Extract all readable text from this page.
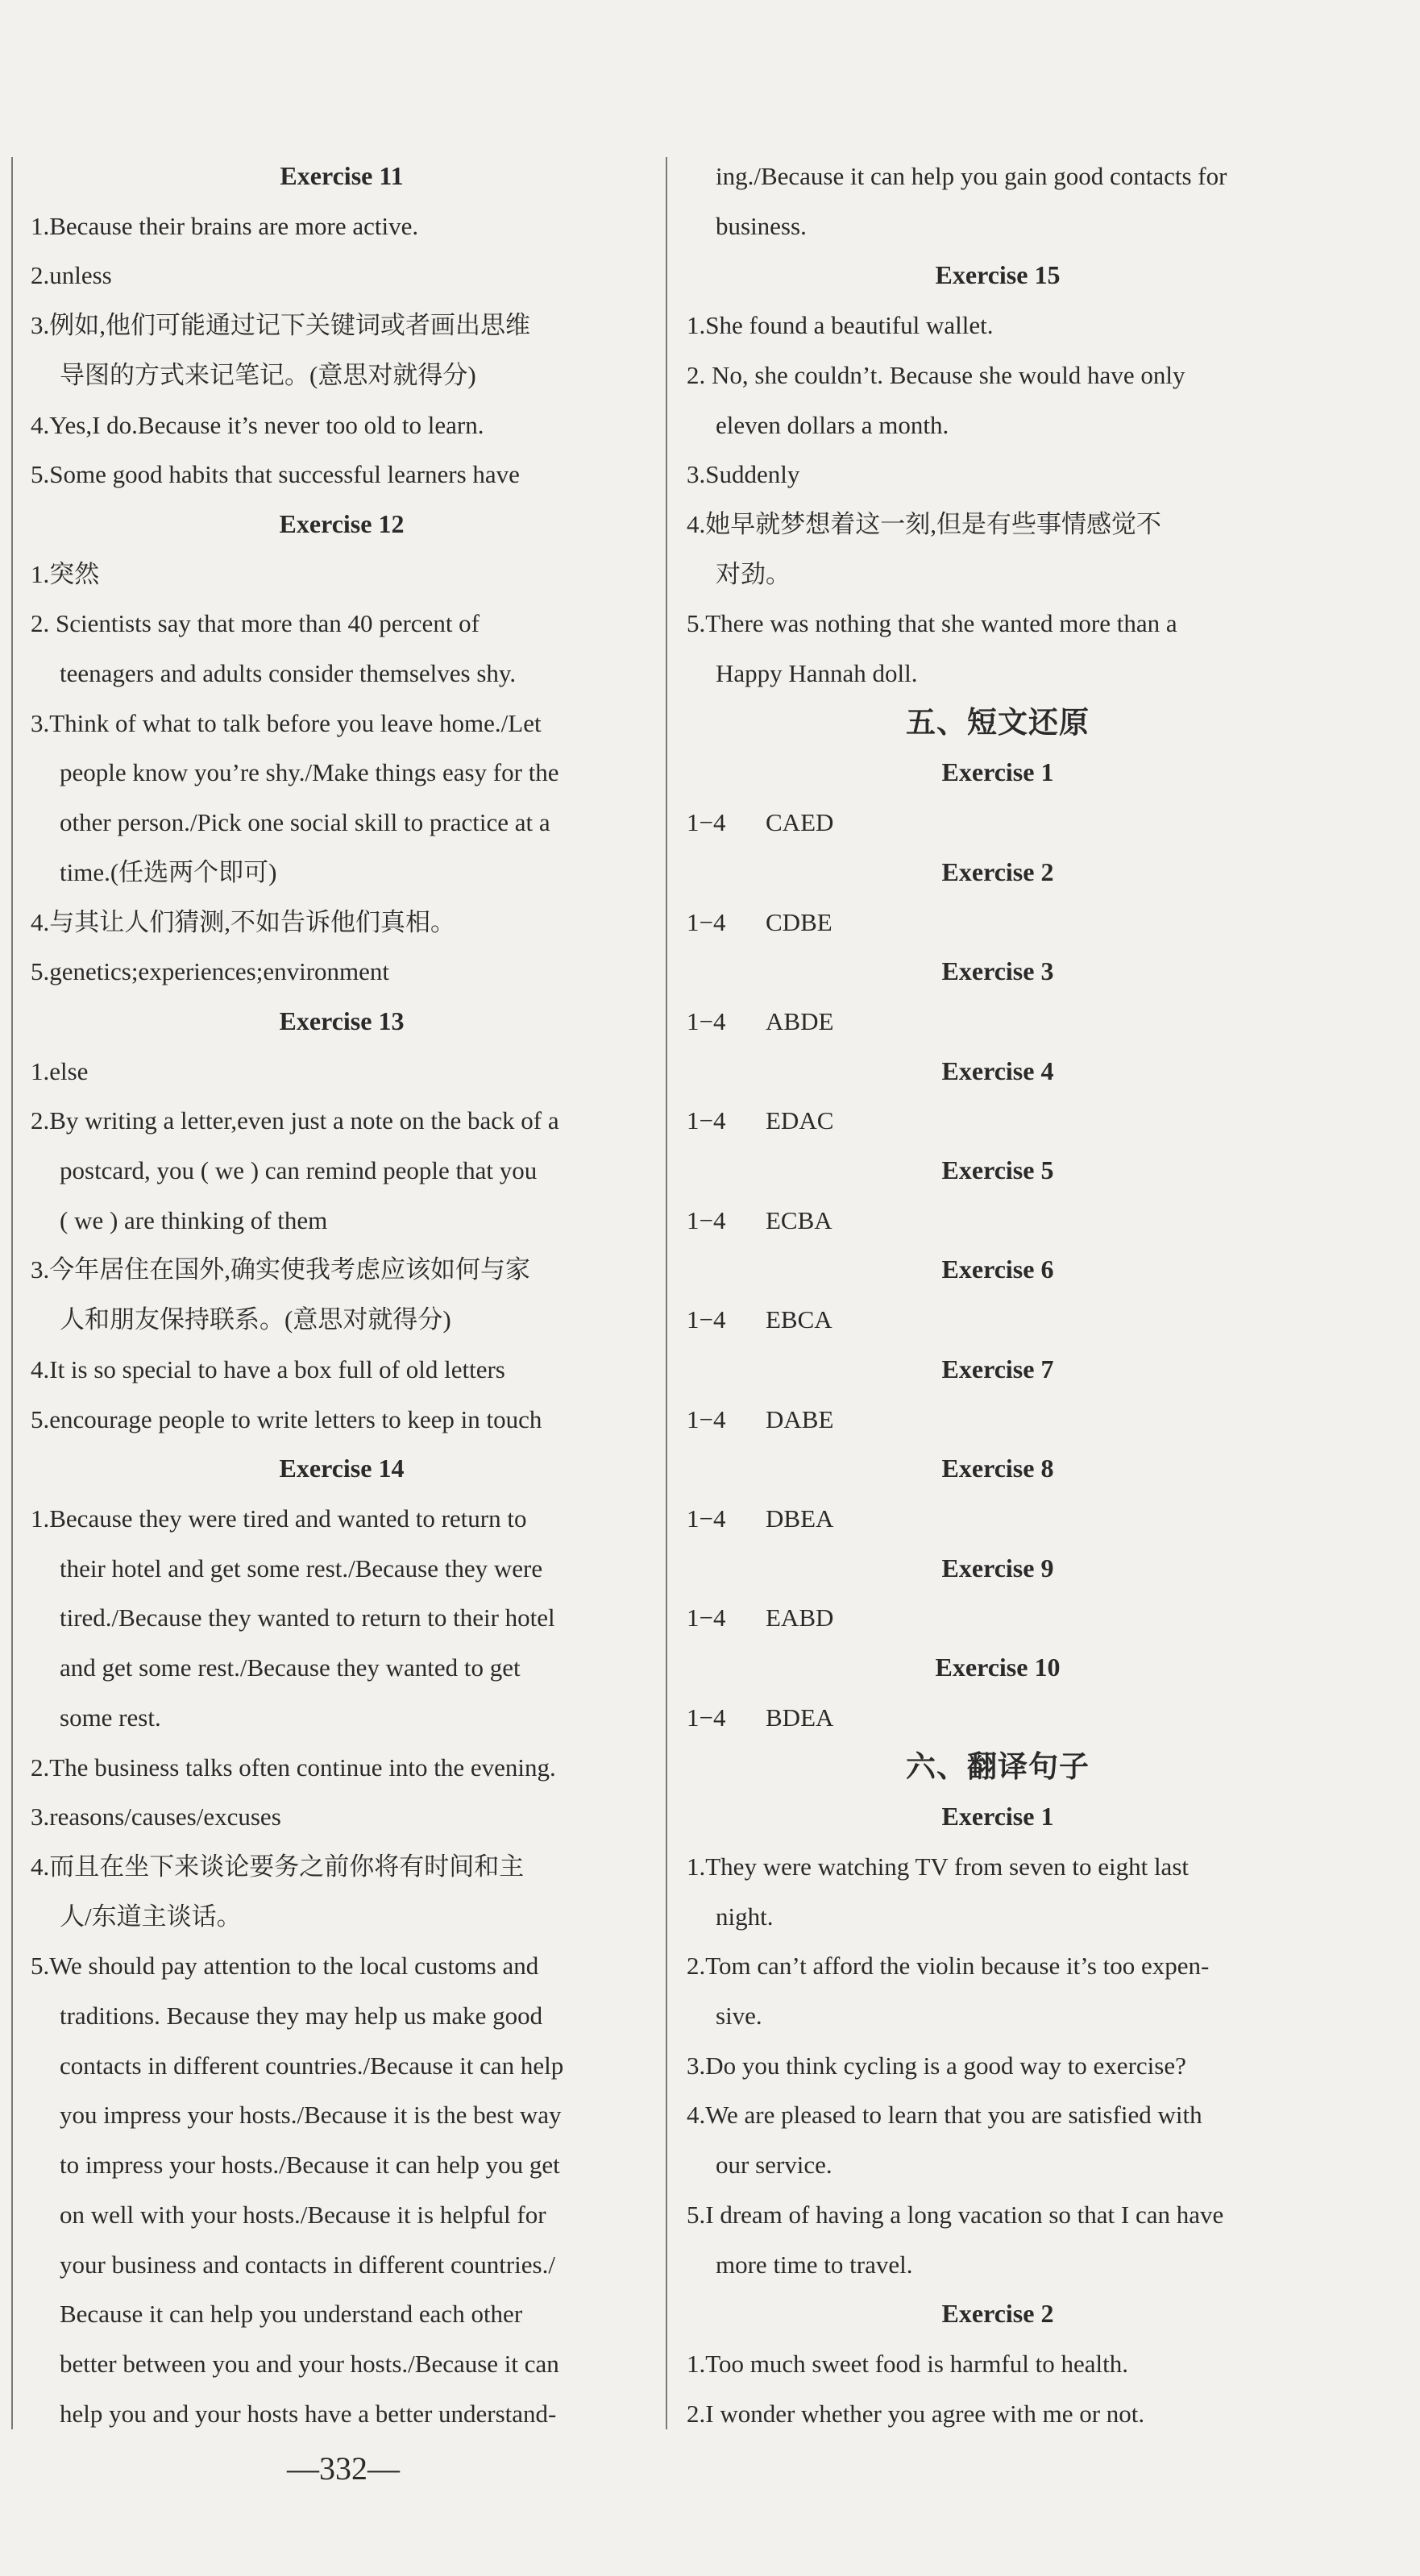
Exercise 11
1.Because their brains are more active.
2.unless
3.例如,他们可能通过记下关键词或者画出思维
导图的方式来记笔记。(意思对就得分)
4.Yes,I do.Because it’s never too old to learn.
5.Some good habits that successful learners have
Exercise 12
1.突然
2. Scientists say that more than 40 percent of
teenagers and adults consider themselves shy.
3.Think of what to talk before you leave home./Let
people know you’re shy./Make things easy for the
other person./Pick one social skill to practice at a
time.(任选两个即可)
4.与其让人们猜测,不如告诉他们真相。
5.genetics;experiences;environment
Exercise 13
1.else
2.By writing a letter,even just a note on the back of a
postcard, you ( we ) can remind people that you
( we ) are thinking of them
3.今年居住在国外,确实使我考虑应该如何与家
人和朋友保持联系。(意思对就得分)
4.It is so special to have a box full of old letters
5.encourage people to write letters to keep in touch
Exercise 14
1.Because they were tired and wanted to return to
their hotel and get some rest./Because they were
tired./Because they wanted to return to their hotel
and get some rest./Because they wanted to get
some rest.
2.The business talks often continue into the evening.
3.reasons/causes/excuses
4.而且在坐下来谈论要务之前你将有时间和主
人/东道主谈话。
5.We should pay attention to the local customs and
traditions. Because they may help us make good
contacts in different countries./Because it can help
you impress your hosts./Because it is the best way
to impress your hosts./Because it can help you get
on well with your hosts./Because it is helpful for
your business and contacts in different countries./
Because it can help you understand each other
better between you and your hosts./Because it can
help you and your hosts have a better understand-
ing./Because it can help you gain good contacts for
business.
Exercise 15
1.She found a beautiful wallet.
2. No, she couldn’t. Because she would have only
eleven dollars a month.
3.Suddenly
4.她早就梦想着这一刻,但是有些事情感觉不
对劲。
5.There was nothing that she wanted more than a
Happy Hannah doll.
五、短文还原
Exercise 1
1−4 CAED
Exercise 2
1−4 CDBE
Exercise 3
1−4 ABDE
Exercise 4
1−4 EDAC
Exercise 5
1−4 ECBA
Exercise 6
1−4 EBCA
Exercise 7
1−4 DABE
Exercise 8
1−4 DBEA
Exercise 9
1−4 EABD
Exercise 10
1−4 BDEA
六、翻译句子
Exercise 1
1.They were watching TV from seven to eight last
night.
2.Tom can’t afford the violin because it’s too expen-
sive.
3.Do you think cycling is a good way to exercise?
4.We are pleased to learn that you are satisfied with
our service.
5.I dream of having a long vacation so that I can have
more time to travel.
Exercise 2
1.Too much sweet food is harmful to health.
2.I wonder whether you agree with me or not.
—332—
